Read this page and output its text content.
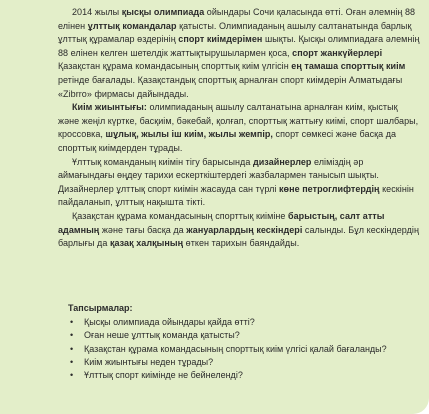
2014 жылы қысқы олимпиада ойындары Сочи қаласында өтті. Оған әлемнің 88 елінен ұлттық командалар қатысты. Олимпиаданың ашылу салтанатында барлық ұлттық құрамалар өздерінің спорт киімдерімен шықты. Қысқы олимпиадаға әлемнің 88 елінен келген шетелдік жаттықтырушылармен қоса, спорт жанкүйерлері Қазақстан құрама командасының спорттық киім үлгісін ең тамаша спорттық киім ретінде бағалады. Қазақстандық спорттық арналған спорт киімдерін Алматыдағы «Zibrro» фирмасы дайындады.

Киім жиынтығы: олимпиаданың ашылу салтанатына арналған киім, қыстық және жеңіл күртке, басқиім, бәкебай, қолғап, спорттық жаттығу киімі, спорт шалбары, кроссовка, шұлық, жылы іш киім, жылы жемпір, спорт сөмкесі және басқа да спорттық киімдерден тұрады.

Ұлттық команданың киімін тігу барысында дизайнерлер еліміздің әр аймағындағы өңдеу тарихи ескерткіштердегі жазбалармен танысып шықты. Дизайнерлер ұлттық спорт киімін жасауда сан түрлі көне петроглифтердің кескінін пайдаланып, ұлттық нақышта тікті.

Қазақстан құрама командасының спорттық киіміне барыстың, салт атты адамның және тағы басқа да жануарлардың кескіндері салынды. Бұл кескіндердің барлығы да қазақ халқының өткен тарихын баяндайды.

Тапсырмалар:
• Қысқы олимпиада ойындары қайда өтті?
• Оған неше ұлттық команда қатысты?
• Қазақстан құрама командасының спорттық киім үлгісі қалай бағаланды?
• Киім жиынтығы неден тұрады?
• Ұлттық спорт киімінде не бейнеленді?
